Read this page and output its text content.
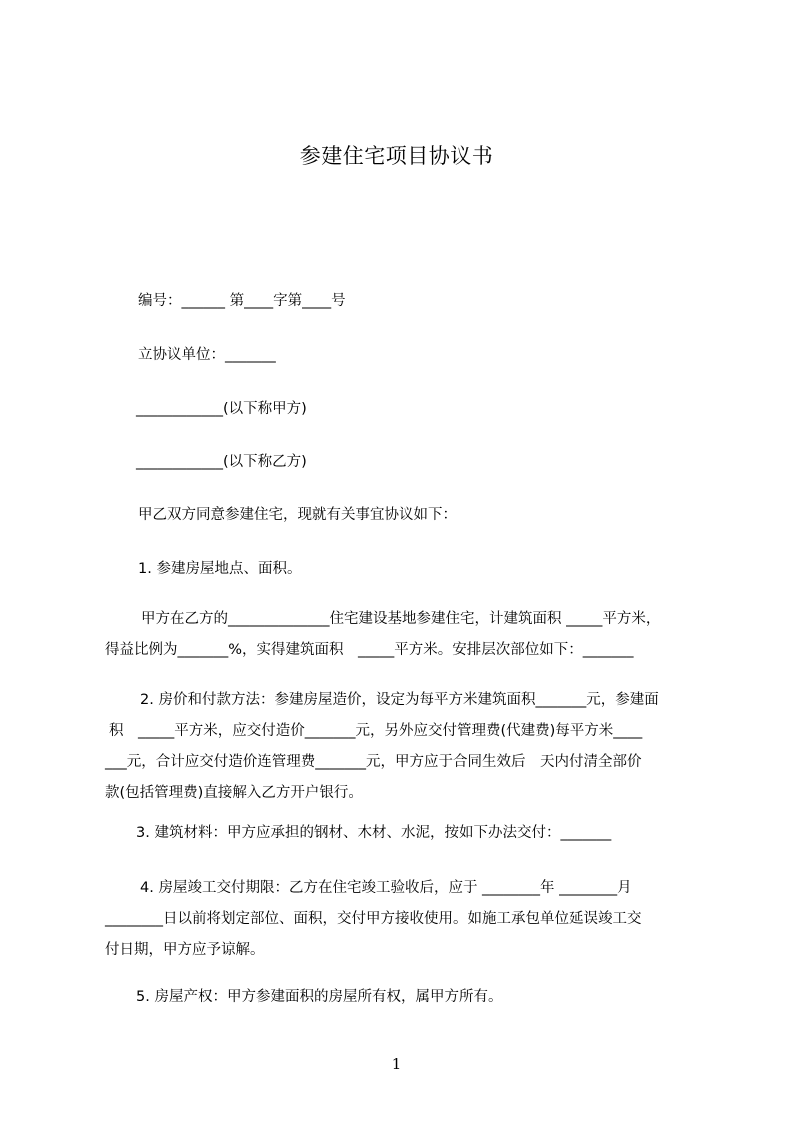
参建住宅项目协议书
编号：______ 第____字第____号
立协议单位：_______
____________(以下称甲方)
____________(以下称乙方)
甲乙双方同意参建住宅，现就有关事宜协议如下：
1. 参建房屋地点、面积。
甲方在乙方的______________住宅建设基地参建住宅，计建筑面积 _____平方米，
得益比例为_______%，实得建筑面积　_____平方米。安排层次部位如下：_______
2. 房价和付款方法：参建房屋造价，设定为每平方米建筑面积_______元，参建面
积　_____平方米，应交付造价_______元，另外应交付管理费(代建费)每平方米____
___元，合计应交付造价连管理费_______元，甲方应于合同生效后　天内付清全部价
款(包括管理费)直接解入乙方开户银行。
3. 建筑材料：甲方应承担的钢材、木材、水泥，按如下办法交付：_______
4. 房屋竣工交付期限：乙方在住宅竣工验收后，应于 ________年 ________月
________日以前将划定部位、面积，交付甲方接收使用。如施工承包单位延误竣工交
付日期，甲方应予谅解。
5. 房屋产权：甲方参建面积的房屋所有权，属甲方所有。
1
